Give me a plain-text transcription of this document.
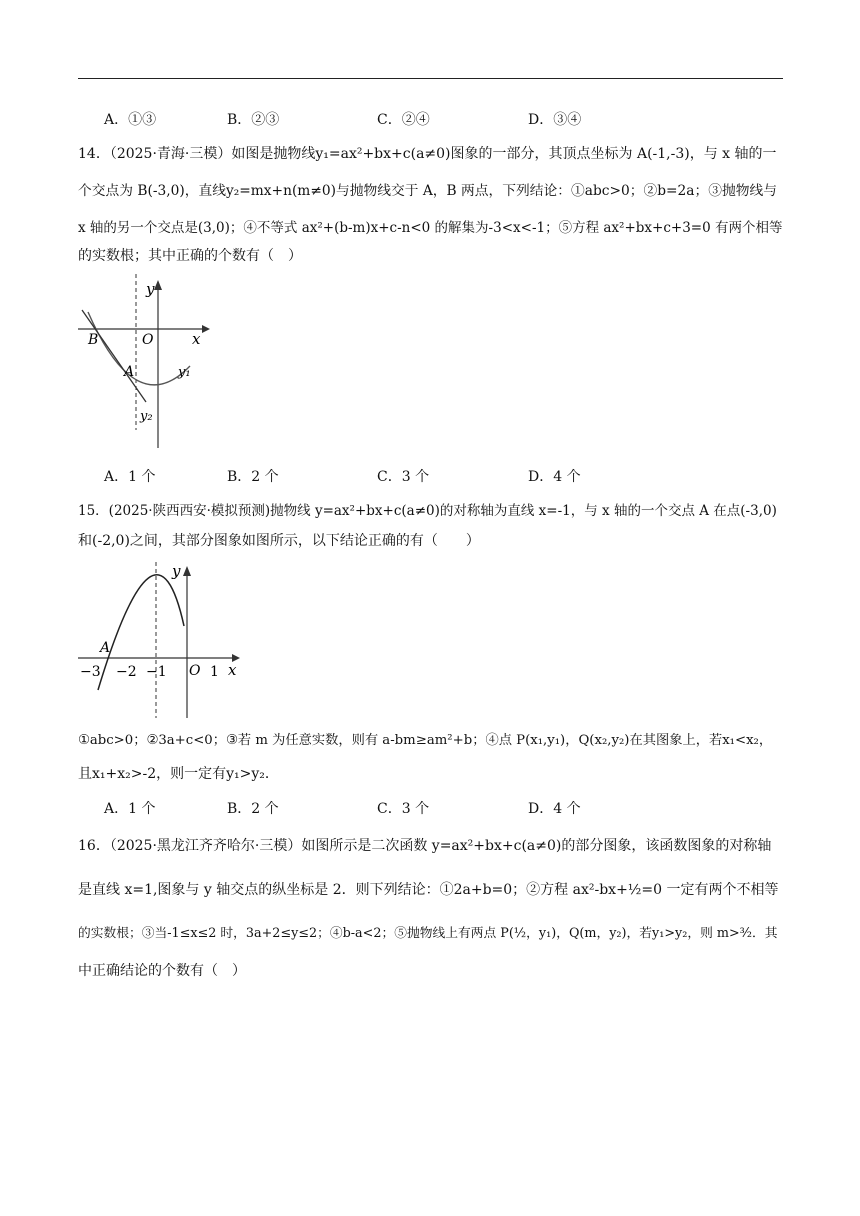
A．①③	B．②③	C．②④	D．③④
14．（2025·青海·三模）如图是抛物线y₁=ax²+bx+c(a≠0)图象的一部分，其顶点坐标为 A(-1,-3)，与 x 轴的一
个交点为 B(-3,0)，直线y₂=mx+n(m≠0)与抛物线交于 A，B 两点，下列结论：①abc>0；②b=2a；③抛物线与
x 轴的另一个交点是(3,0)；④不等式 ax²+(b-m)x+c-n<0 的解集为-3<x<-1；⑤方程 ax²+bx+c+3=0 有两个相等
的实数根；其中正确的个数有（　）
y
x
O
B
A	y₁
y₂
A．1 个	B．2 个	C．3 个	D．4 个
15．(2025·陕西西安·模拟预测)抛物线 y=ax²+bx+c(a≠0)的对称轴为直线 x=-1，与 x 轴的一个交点 A 在点(-3,0)
和(-2,0)之间，其部分图象如图所示，以下结论正确的有（　　）
y
x
O
A
−3 −2 −1	1
①abc>0；②3a+c<0；③若 m 为任意实数，则有 a-bm≥am²+b；④点 P(x₁,y₁)，Q(x₂,y₂)在其图象上，若x₁<x₂，
且x₁+x₂>-2，则一定有y₁>y₂．
A．1 个	B．2 个	C．3 个	D．4 个
16．（2025·黑龙江齐齐哈尔·三模）如图所示是二次函数 y=ax²+bx+c(a≠0)的部分图象，该函数图象的对称轴
是直线 x=1,图象与 y 轴交点的纵坐标是 2．则下列结论：①2a+b=0；②方程 ax²-bx+½=0 一定有两个不相等
的实数根；③当-1≤x≤2 时，3a+2≤y≤2；④b-a<2；⑤抛物线上有两点 P(½，y₁)，Q(m，y₂)，若y₁>y₂，则 m>³⁄₂．其
中正确结论的个数有（　）
